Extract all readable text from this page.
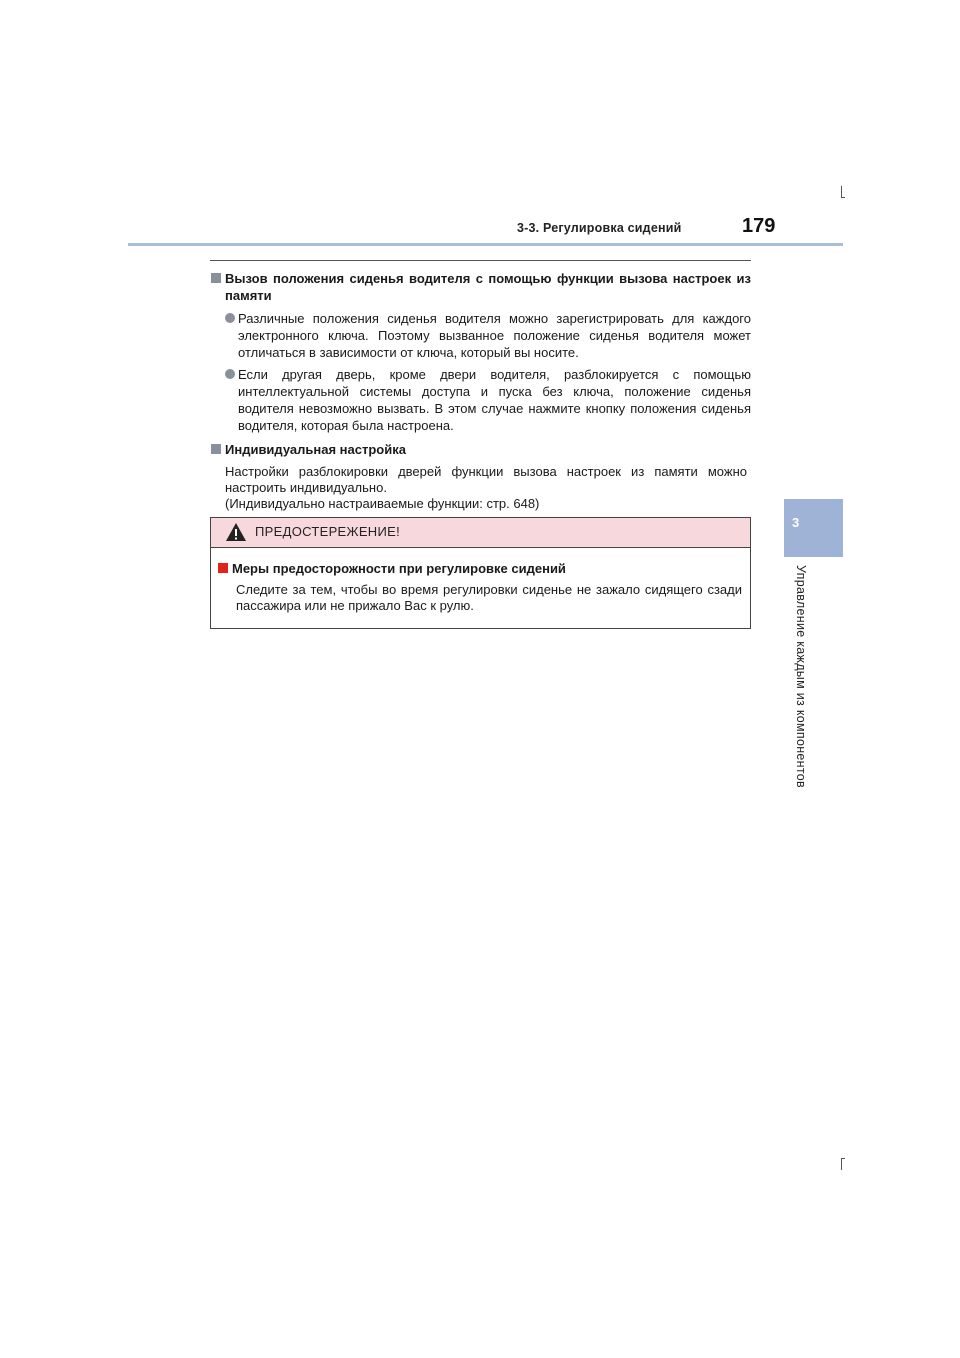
3-3. Регулировка сидений	179
3
Управление каждым из компонентов
Вызов положения сиденья водителя с помощью функции вызова настроек из памяти
Различные положения сиденья водителя можно зарегистрировать для каждого электронного ключа. Поэтому вызванное положение сиденья водителя может отличаться в зависимости от ключа, который вы носите.
Если другая дверь, кроме двери водителя, разблокируется с помощью интеллектуальной системы доступа и пуска без ключа, положение сиденья водителя невозможно вызвать. В этом случае нажмите кнопку положения сиденья водителя, которая была настроена.
Индивидуальная настройка
Настройки разблокировки дверей функции вызова настроек из памяти можно настроить индивидуально.
(Индивидуально настраиваемые функции: стр. 648)
ПРЕДОСТЕРЕЖЕНИЕ!
Меры предосторожности при регулировке сидений
Следите за тем, чтобы во время регулировки сиденье не зажало сидящего сзади пассажира или не прижало Вас к рулю.
